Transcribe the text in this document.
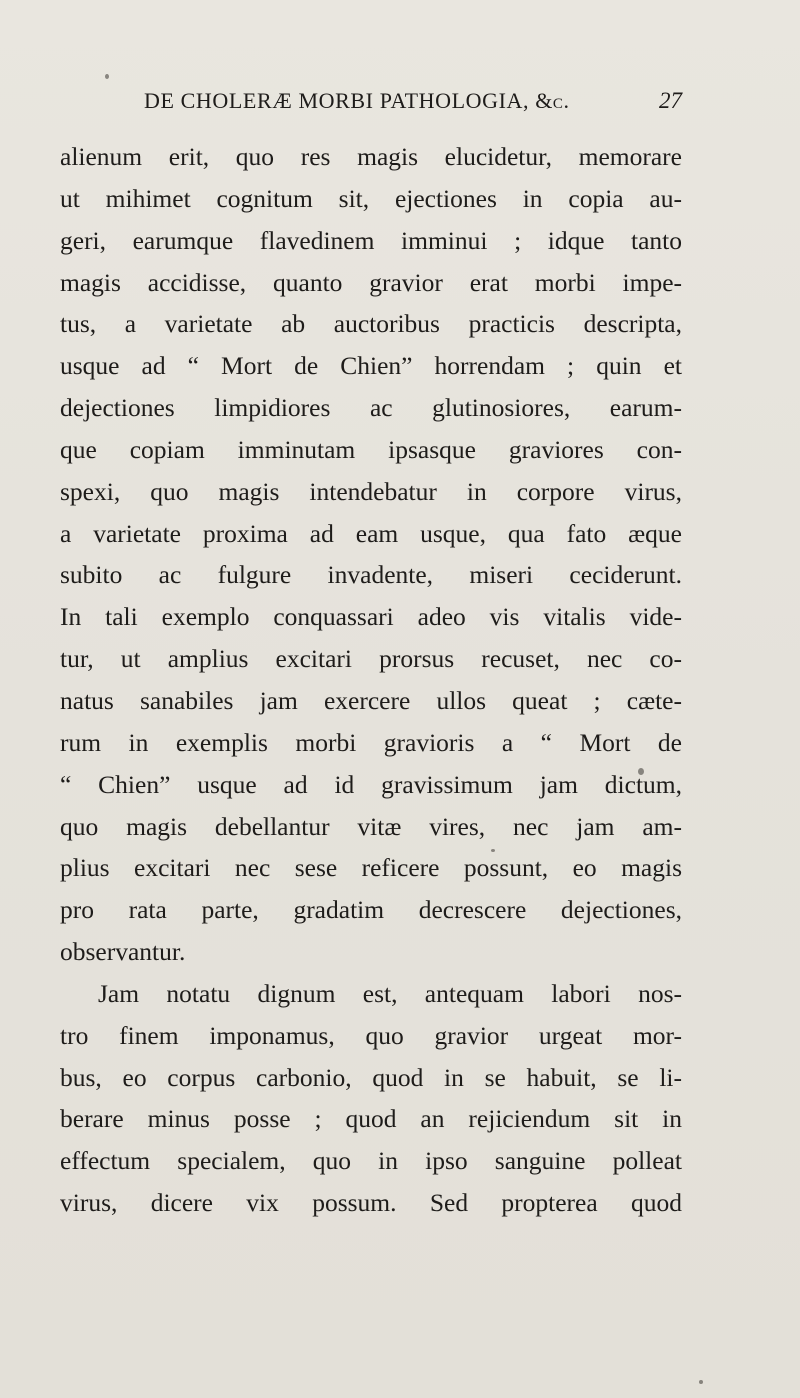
DE CHOLERÆ MORBI PATHOLOGIA, &c.	27
alienum erit, quo res magis elucidetur, memorare
ut mihimet cognitum sit, ejectiones in copia au-
geri, earumque flavedinem imminui ; idque tanto
magis accidisse, quanto gravior erat morbi impe-
tus, a varietate ab auctoribus practicis descripta,
usque ad “ Mort de Chien” horrendam ; quin et
dejectiones limpidiores ac glutinosiores, earum-
que copiam imminutam ipsasque graviores con-
spexi, quo magis intendebatur in corpore virus,
a varietate proxima ad eam usque, qua fato æque
subito ac fulgure invadente, miseri ceciderunt.
In tali exemplo conquassari adeo vis vitalis vide-
tur, ut amplius excitari prorsus recuset, nec co-
natus sanabiles jam exercere ullos queat ; cæte-
rum in exemplis morbi gravioris a “ Mort de
“ Chien” usque ad id gravissimum jam dictum,
quo magis debellantur vitæ vires, nec jam am-
plius excitari nec sese reficere possunt, eo magis
pro rata parte, gradatim decrescere dejectiones,
observantur.
Jam notatu dignum est, antequam labori nos-
tro finem imponamus, quo gravior urgeat mor-
bus, eo corpus carbonio, quod in se habuit, se li-
berare minus posse ; quod an rejiciendum sit in
effectum specialem, quo in ipso sanguine polleat
virus, dicere vix possum. Sed propterea quod
